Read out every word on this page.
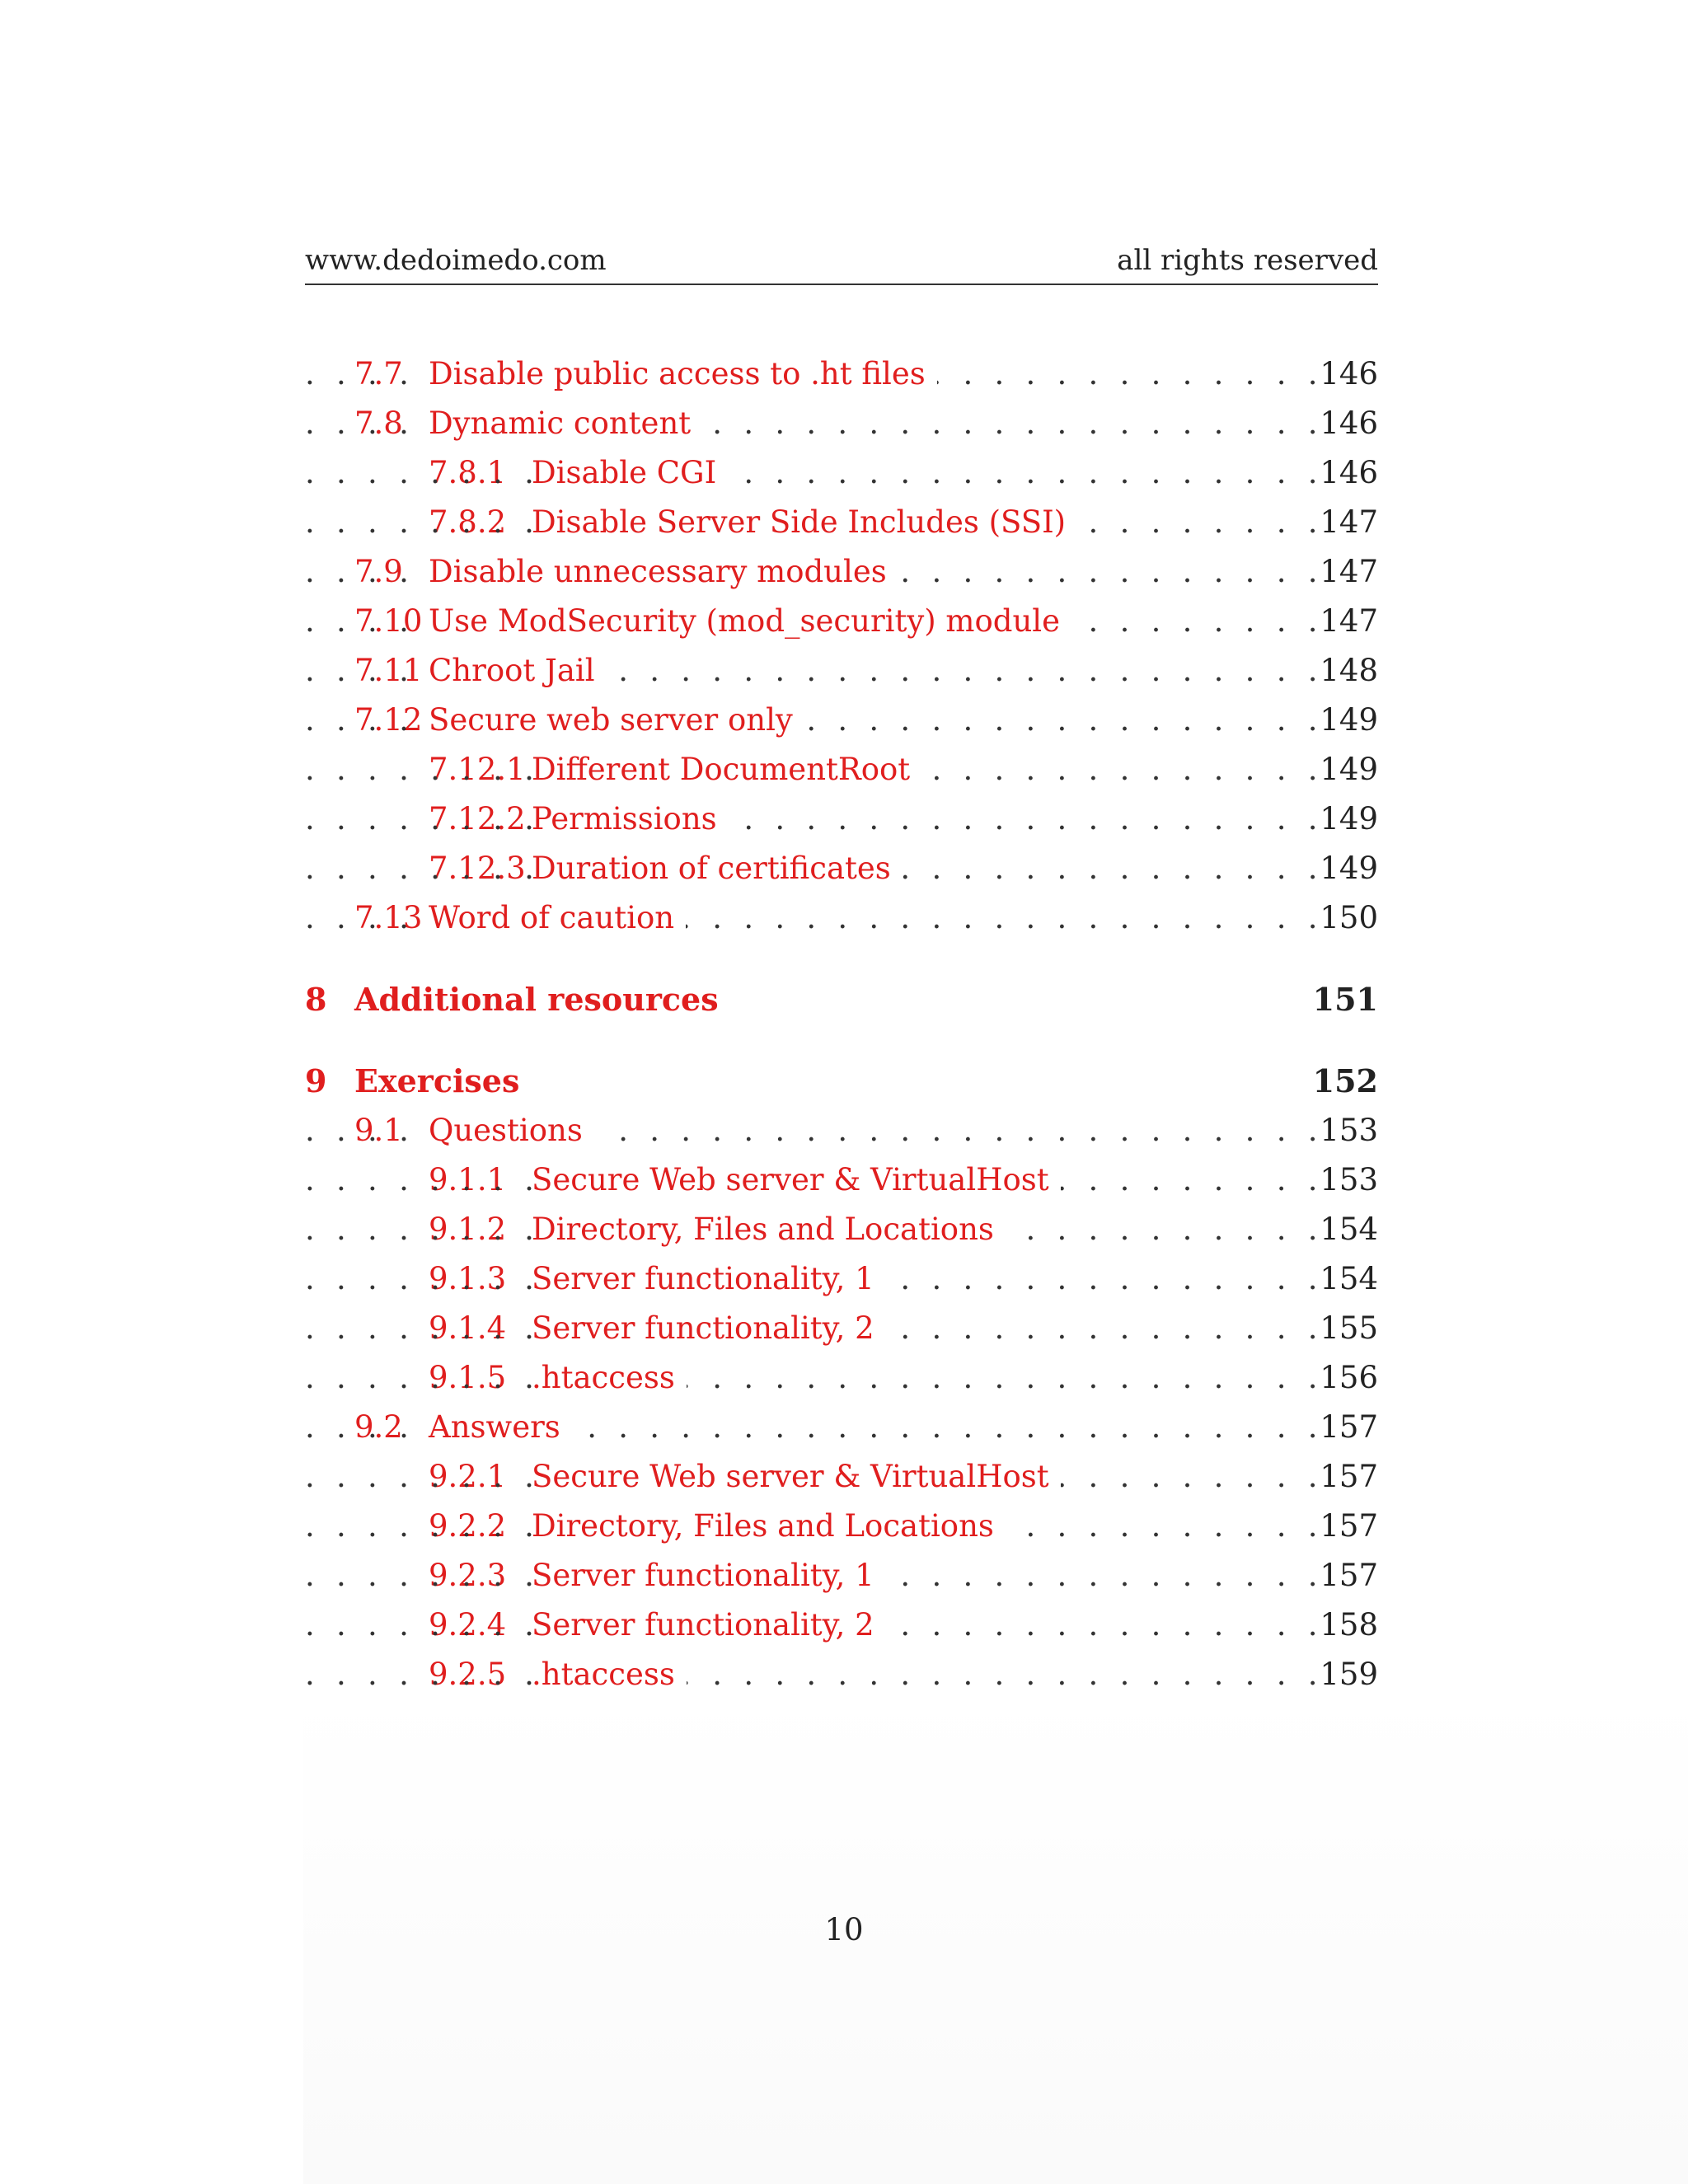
www.dedoimedo.com	all rights reserved
. . .
7.7 Disable public access to .ht files	146
. . .
7.8 Dynamic content	146
. . .
7.8.1 Disable CGI	146
. . .
7.8.2 Disable Server Side Includes (SSI)	147
. . .
7.9 Disable unnecessary modules	147
. . .
7.10 Use ModSecurity (mod_security) module	147
. . .
7.11 Chroot Jail	148
. . .
7.12 Secure web server only	149
. . .
7.12.1 Different DocumentRoot	149
. . .
7.12.2 Permissions	149
. . .
7.12.3 Duration of certificates	149
. . .
7.13 Word of caution	150
8 Additional resources	151
9 Exercises	152
. . .
9.1 Questions	153
. . .
9.1.1 Secure Web server & VirtualHost	153
. . .
9.1.2 Directory, Files and Locations	154
. . .
9.1.3 Server functionality, 1	154
. . .
9.1.4 Server functionality, 2	155
. . .
9.1.5 .htaccess	156
. . .
9.2 Answers	157
. . .
9.2.1 Secure Web server & VirtualHost	157
. . .
9.2.2 Directory, Files and Locations	157
. . .
9.2.3 Server functionality, 1	157
. . .
9.2.4 Server functionality, 2	158
. . .
9.2.5 .htaccess	159
10
